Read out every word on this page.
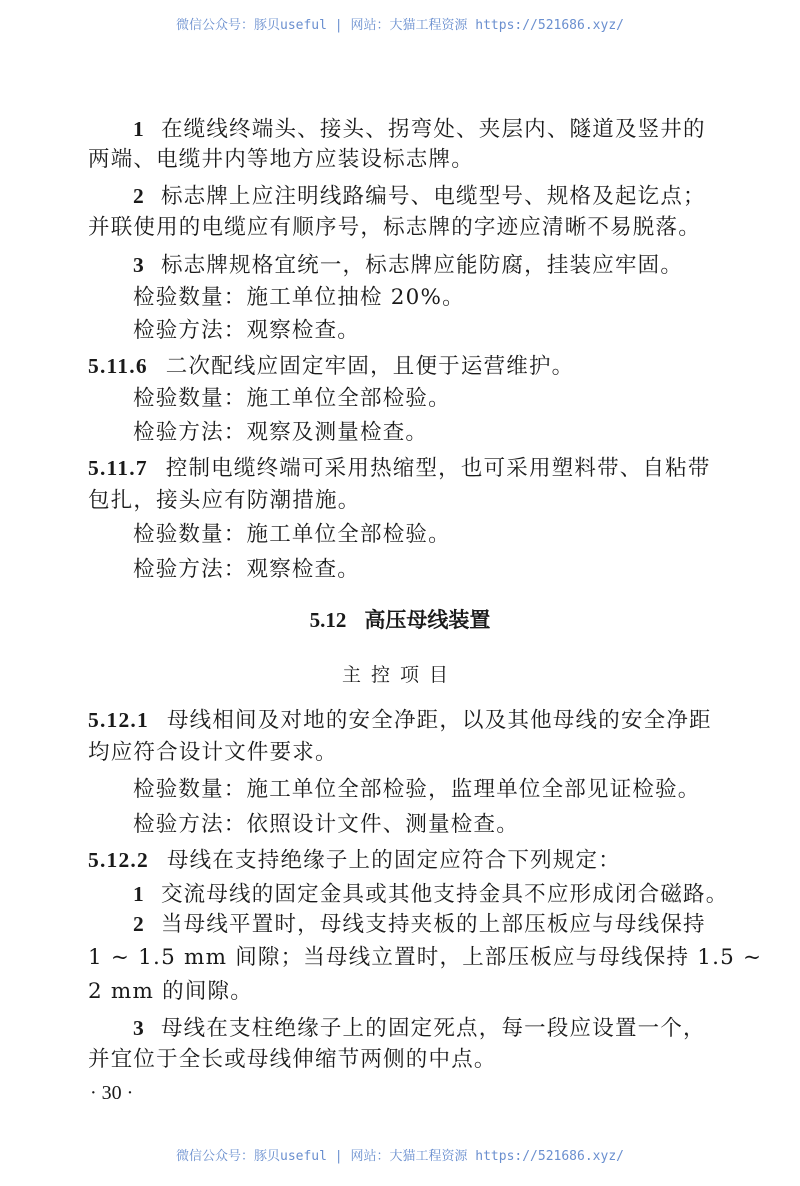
微信公众号：豚贝useful | 网站：大猫工程资源 https://521686.xyz/
1 在缆线终端头、接头、拐弯处、夹层内、隧道及竖井的
两端、电缆井内等地方应装设标志牌。
2 标志牌上应注明线路编号、电缆型号、规格及起讫点；
并联使用的电缆应有顺序号，标志牌的字迹应清晰不易脱落。
3 标志牌规格宜统一，标志牌应能防腐，挂装应牢固。
检验数量：施工单位抽检 20%。
检验方法：观察检查。
5.11.6 二次配线应固定牢固，且便于运营维护。
检验数量：施工单位全部检验。
检验方法：观察及测量检查。
5.11.7 控制电缆终端可采用热缩型，也可采用塑料带、自粘带
包扎，接头应有防潮措施。
检验数量：施工单位全部检验。
检验方法：观察检查。
5.12 高压母线装置
主控项目
5.12.1 母线相间及对地的安全净距，以及其他母线的安全净距
均应符合设计文件要求。
检验数量：施工单位全部检验，监理单位全部见证检验。
检验方法：依照设计文件、测量检查。
5.12.2 母线在支持绝缘子上的固定应符合下列规定：
1 交流母线的固定金具或其他支持金具不应形成闭合磁路。
2 当母线平置时，母线支持夹板的上部压板应与母线保持
1 ~ 1.5 mm 间隙；当母线立置时，上部压板应与母线保持 1.5 ~
2 mm 的间隙。
3 母线在支柱绝缘子上的固定死点，每一段应设置一个，
并宜位于全长或母线伸缩节两侧的中点。
· 30 ·
微信公众号：豚贝useful | 网站：大猫工程资源 https://521686.xyz/
